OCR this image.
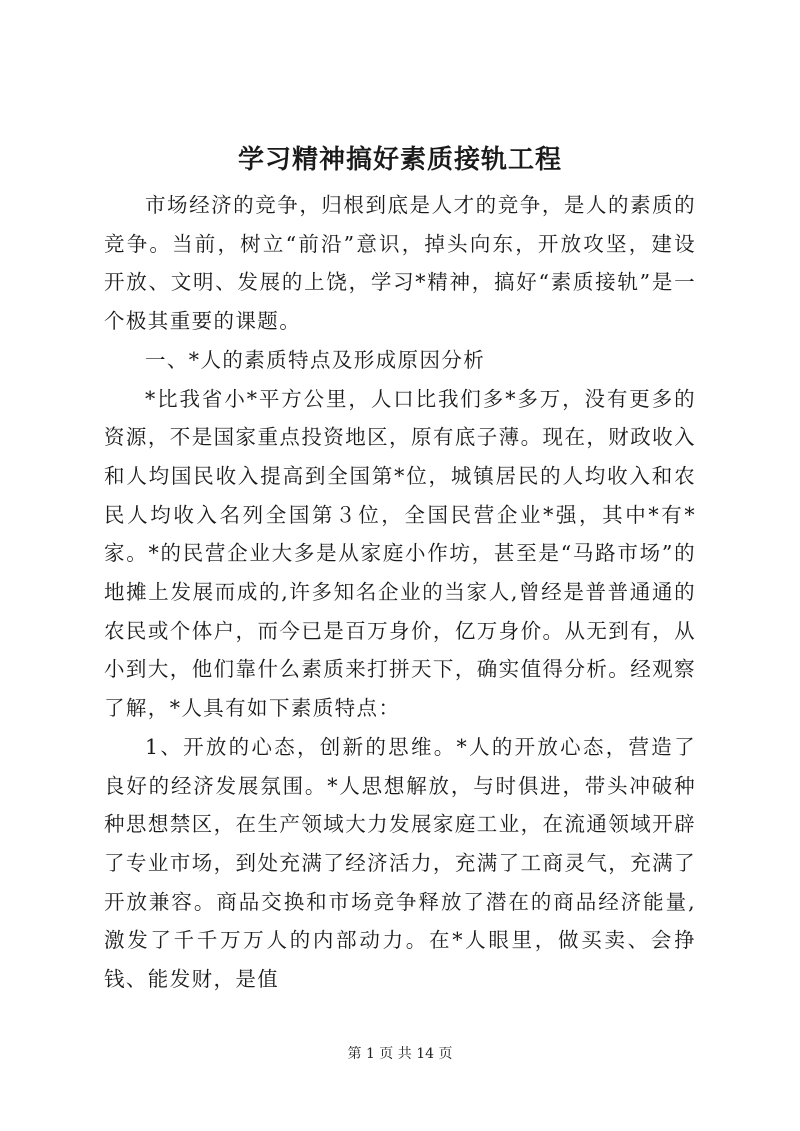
学习精神搞好素质接轨工程

市场经济的竞争，归根到底是人才的竞争，是人的素质的竞争。当前，树立“前沿”意识，掉头向东，开放攻坚，建设开放、文明、发展的上饶，学习*精神，搞好“素质接轨”是一个极其重要的课题。

一、*人的素质特点及形成原因分析

*比我省小*平方公里，人口比我们多*多万，没有更多的资源，不是国家重点投资地区，原有底子薄。现在，财政收入和人均国民收入提高到全国第*位，城镇居民的人均收入和农民人均收入名列全国第３位，全国民营企业*强，其中*有*家。*的民营企业大多是从家庭小作坊，甚至是“马路市场”的地摊上发展而成的,许多知名企业的当家人,曾经是普普通通的农民或个体户，而今已是百万身价，亿万身价。从无到有，从小到大，他们靠什么素质来打拼天下，确实值得分析。经观察了解，*人具有如下素质特点：

1、开放的心态，创新的思维。*人的开放心态，营造了良好的经济发展氛围。*人思想解放，与时俱进，带头冲破种种思想禁区，在生产领域大力发展家庭工业，在流通领域开辟了专业市场，到处充满了经济活力，充满了工商灵气，充满了开放兼容。商品交换和市场竞争释放了潜在的商品经济能量,激发了千千万万人的内部动力。在*人眼里，做买卖、会挣钱、能发财，是值

第 1 页 共 14 页
